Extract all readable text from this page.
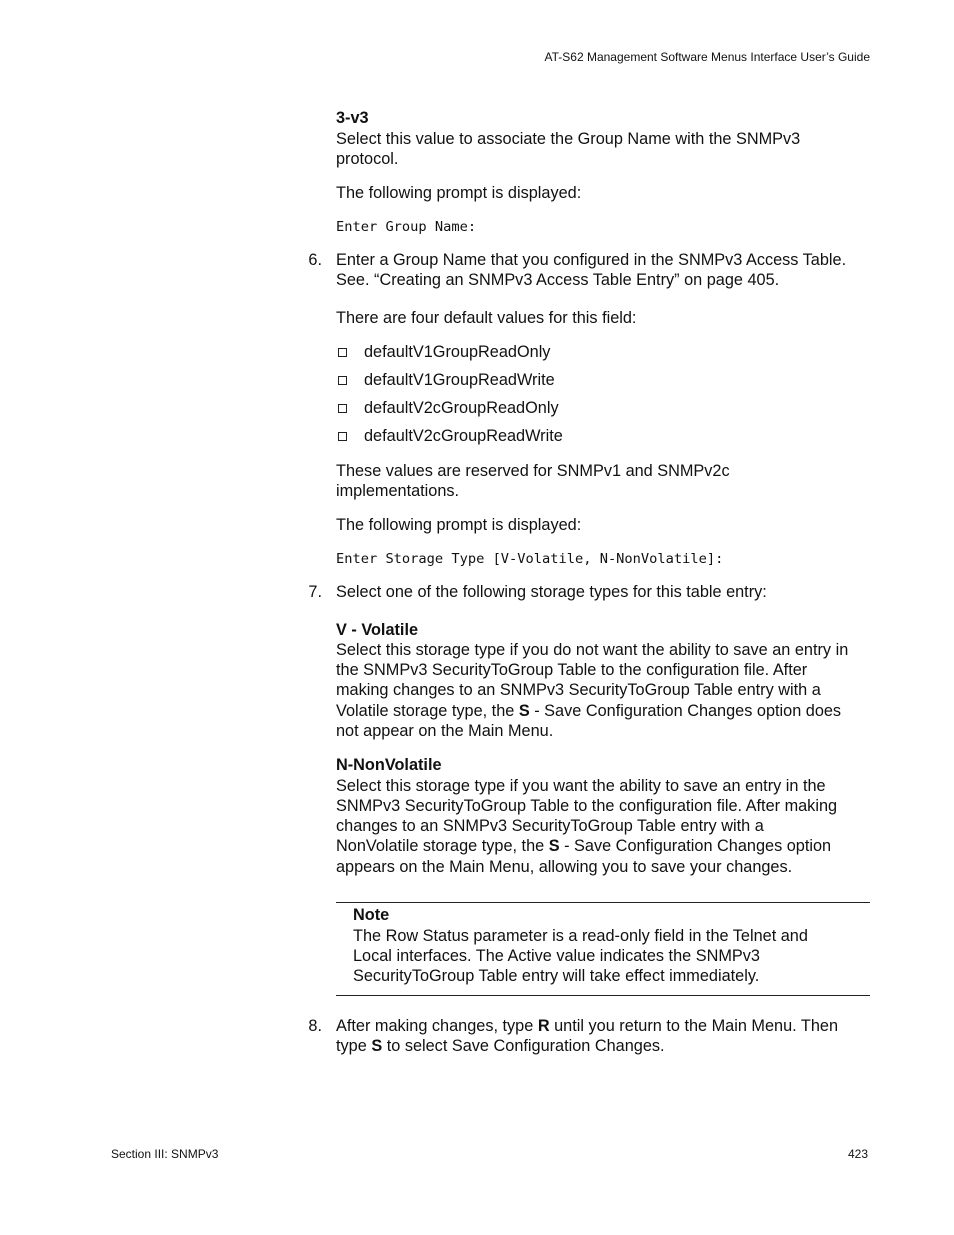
AT-S62 Management Software Menus Interface User’s Guide
3-v3
Select this value to associate the Group Name with the SNMPv3
protocol.
The following prompt is displayed:
Enter Group Name:
6. Enter a Group Name that you configured in the SNMPv3 Access Table.
See. “Creating an SNMPv3 Access Table Entry” on page 405.
There are four default values for this field:
defaultV1GroupReadOnly
defaultV1GroupReadWrite
defaultV2cGroupReadOnly
defaultV2cGroupReadWrite
These values are reserved for SNMPv1 and SNMPv2c
implementations.
The following prompt is displayed:
Enter Storage Type [V-Volatile, N-NonVolatile]:
7. Select one of the following storage types for this table entry:
V - Volatile
Select this storage type if you do not want the ability to save an entry in
the SNMPv3 SecurityToGroup Table to the configuration file. After
making changes to an SNMPv3 SecurityToGroup Table entry with a
Volatile storage type, the S - Save Configuration Changes option does
not appear on the Main Menu.
N-NonVolatile
Select this storage type if you want the ability to save an entry in the
SNMPv3 SecurityToGroup Table to the configuration file. After making
changes to an SNMPv3 SecurityToGroup Table entry with a
NonVolatile storage type, the S - Save Configuration Changes option
appears on the Main Menu, allowing you to save your changes.
Note
The Row Status parameter is a read-only field in the Telnet and
Local interfaces. The Active value indicates the SNMPv3
SecurityToGroup Table entry will take effect immediately.
8. After making changes, type R until you return to the Main Menu. Then
type S to select Save Configuration Changes.
Section III: SNMPv3	423
